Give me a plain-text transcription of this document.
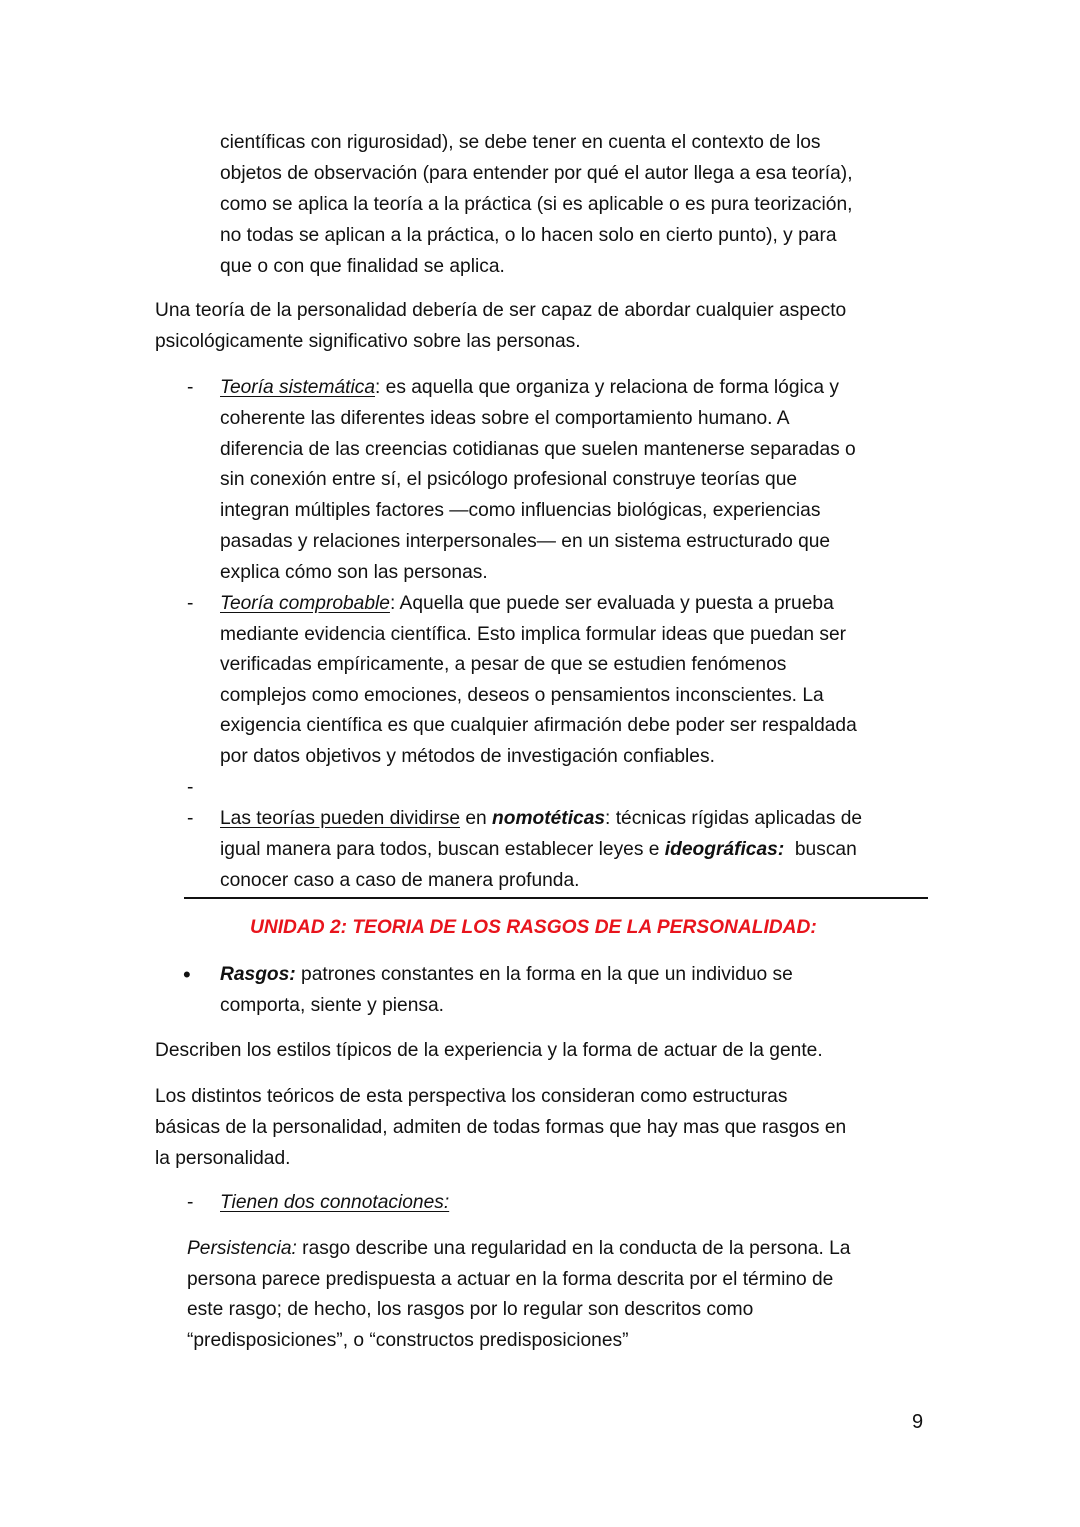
científicas con rigurosidad), se debe tener en cuenta el contexto de los
objetos de observación (para entender por qué el autor llega a esa teoría),
como se aplica la teoría a la práctica (si es aplicable o es pura teorización,
no todas se aplican a la práctica, o lo hacen solo en cierto punto), y para
que o con que finalidad se aplica.
Una teoría de la personalidad debería de ser capaz de abordar cualquier aspecto
psicológicamente significativo sobre las personas.
- Teoría sistemática: es aquella que organiza y relaciona de forma lógica y
coherente las diferentes ideas sobre el comportamiento humano. A
diferencia de las creencias cotidianas que suelen mantenerse separadas o
sin conexión entre sí, el psicólogo profesional construye teorías que
integran múltiples factores —como influencias biológicas, experiencias
pasadas y relaciones interpersonales— en un sistema estructurado que
explica cómo son las personas.
- Teoría comprobable: Aquella que puede ser evaluada y puesta a prueba
mediante evidencia científica. Esto implica formular ideas que puedan ser
verificadas empíricamente, a pesar de que se estudien fenómenos
complejos como emociones, deseos o pensamientos inconscientes. La
exigencia científica es que cualquier afirmación debe poder ser respaldada
por datos objetivos y métodos de investigación confiables.
-
- Las teorías pueden dividirse en nomotéticas: técnicas rígidas aplicadas de
igual manera para todos, buscan establecer leyes e ideográficas:  buscan
conocer caso a caso de manera profunda.
UNIDAD 2: TEORIA DE LOS RASGOS DE LA PERSONALIDAD:
• Rasgos: patrones constantes en la forma en la que un individuo se
comporta, siente y piensa.
Describen los estilos típicos de la experiencia y la forma de actuar de la gente.
Los distintos teóricos de esta perspectiva los consideran como estructuras
básicas de la personalidad, admiten de todas formas que hay mas que rasgos en
la personalidad.
- Tienen dos connotaciones:
Persistencia: rasgo describe una regularidad en la conducta de la persona. La
persona parece predispuesta a actuar en la forma descrita por el término de
este rasgo; de hecho, los rasgos por lo regular son descritos como
“predisposiciones”, o “constructos predisposiciones”
9
